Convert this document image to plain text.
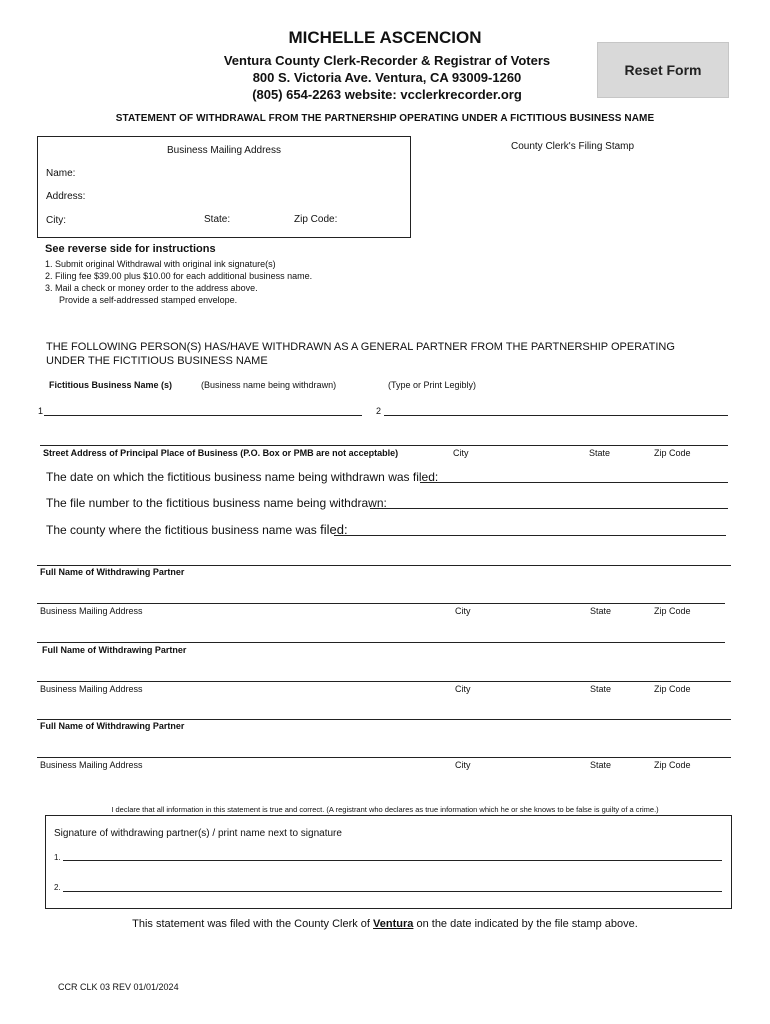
MICHELLE ASCENCION
Ventura County Clerk-Recorder & Registrar of Voters
800 S. Victoria Ave. Ventura, CA 93009-1260
(805) 654-2263 website: vcclerkrecorder.org
Reset Form
STATEMENT OF WITHDRAWAL FROM THE PARTNERSHIP OPERATING UNDER A FICTITIOUS BUSINESS NAME
Business Mailing Address
Name:
Address:
City:	State:	Zip Code:
County Clerk's Filing Stamp
See reverse side for instructions
1. Submit original Withdrawal with original ink signature(s)
2. Filing fee $39.00 plus $10.00 for each additional business name.
3. Mail a check or money order to the address above.
Provide a self-addressed stamped envelope.
THE FOLLOWING PERSON(S) HAS/HAVE WITHDRAWN AS A GENERAL PARTNER FROM THE PARTNERSHIP OPERATING
UNDER THE FICTITIOUS BUSINESS NAME
Fictitious Business Name (s)	(Business name being withdrawn)	(Type or Print Legibly)
1	2
Street Address of Principal Place of Business (P.O. Box or PMB are not acceptable)	City	State	Zip Code
The date on which the fictitious business name being withdrawn was filed:
The file number to the fictitious business name being withdrawn:
The county where the fictitious business name was filed:
Full Name of Withdrawing Partner
Business Mailing Address	City	State	Zip Code
Full Name of Withdrawing Partner
Business Mailing Address	City	State	Zip Code
Full Name of Withdrawing Partner
Business Mailing Address	City	State	Zip Code
I declare that all information in this statement is true and correct. (A registrant who declares as true information which he or she knows to be false is guilty of a crime.)
Signature of withdrawing partner(s) / print name next to signature
1.
2.
This statement was filed with the County Clerk of Ventura on the date indicated by the file stamp above.
CCR CLK 03 REV 01/01/2024
